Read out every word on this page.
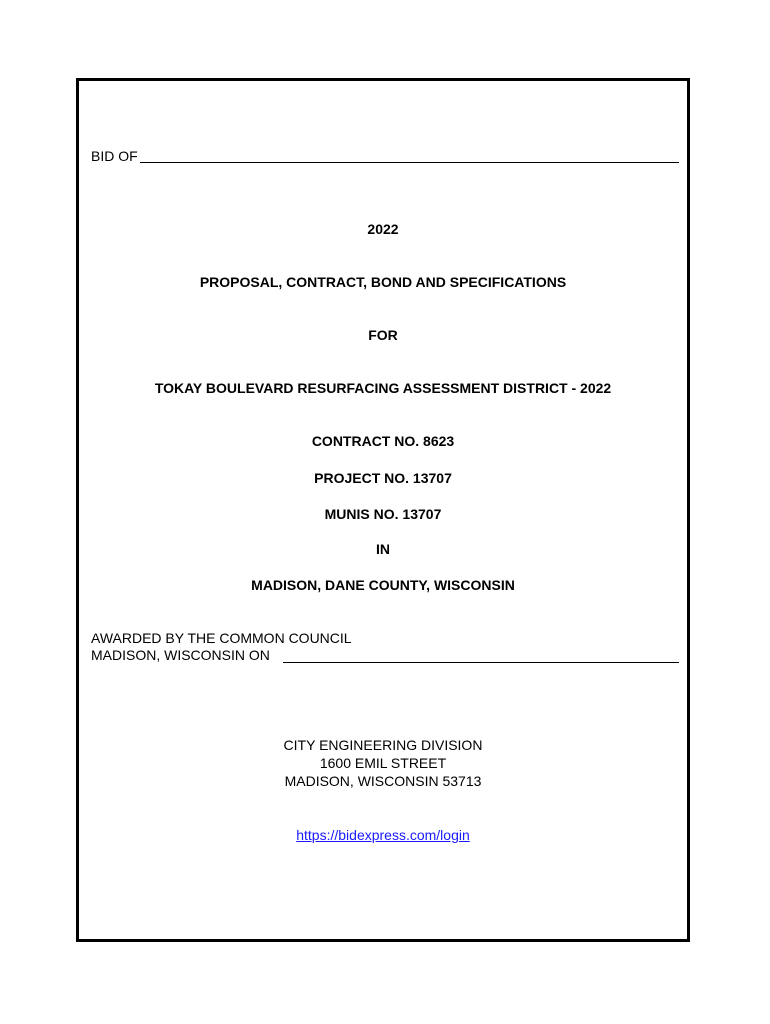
BID OF
2022
PROPOSAL, CONTRACT, BOND AND SPECIFICATIONS
FOR
TOKAY BOULEVARD RESURFACING ASSESSMENT DISTRICT - 2022
CONTRACT NO. 8623
PROJECT NO. 13707
MUNIS NO. 13707
IN
MADISON, DANE COUNTY, WISCONSIN
AWARDED BY THE COMMON COUNCIL
MADISON, WISCONSIN ON
CITY ENGINEERING DIVISION
1600 EMIL STREET
MADISON, WISCONSIN 53713
https://bidexpress.com/login
